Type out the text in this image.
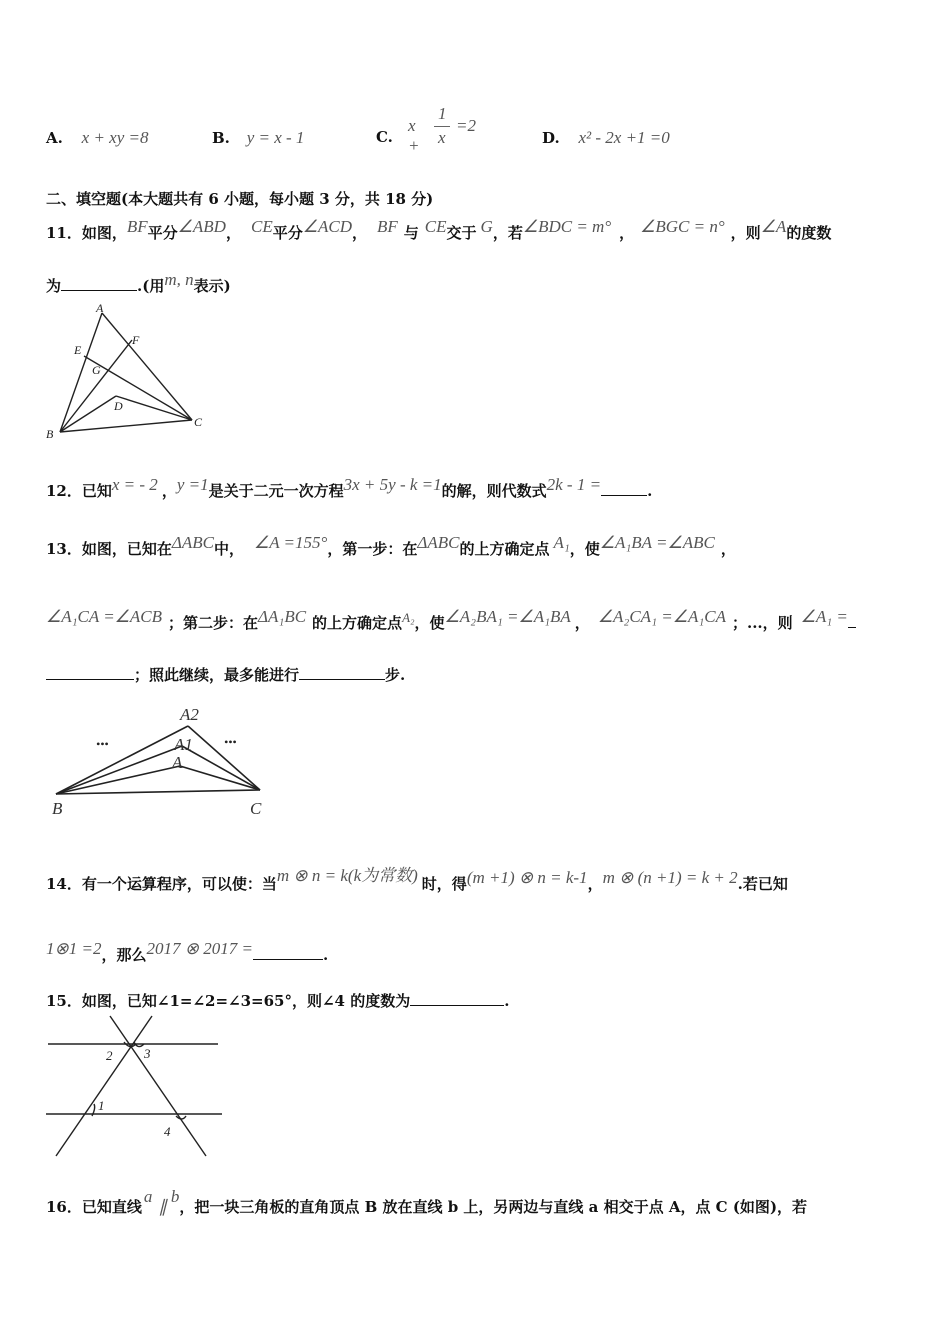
A. x + xy =8	B. y = x - 1	C.
x +
1
x
=2
D. x² - 2x +1 =0
二、填空题(本大题共有 6 小题，每小题 3 分，共 18 分)
11．如图，BF平分∠ABD， CE平分∠ACD， BF 与 CE交于 G，若∠BDC = m° ， ∠BGC = n° ，则∠A的度数
为	.(用m, n表示)
A
B
C
D
E
F
G
12．已知x = - 2 ，y =1是关于二元一次方程3x + 5y - k =1的解，则代数式2k - 1 =	.
13．如图，已知在ΔABC中， ∠A =155°，第一步：在ΔABC的上方确定点 A₁，使∠A₁BA =∠ABC ，
∠A₁CA =∠ACB ；第二步：在ΔA₁BC 的上方确定点A₂，使∠A₂BA₁ =∠A₁BA ， ∠A₂CA₁ =∠A₁CA ；...，则 ∠A₁ =
；照此继续，最多能进行	步.
A2
A1
A
B	C
•••	•••
14．有一个运算程序，可以使：当m ⊗ n = k(k为常数) 时，得(m +1) ⊗ n = k-1，m ⊗ (n +1) = k + 2.若已知
1⊗1 =2，那么2017 ⊗ 2017 =	.
15．如图，已知∠1=∠2=∠3=65°，则∠4 的度数为	.
2 3
1
4
16．已知直线a∥b，把一块三角板的直角顶点 B 放在直线 b 上，另两边与直线 a 相交于点 A，点 C (如图)，若
